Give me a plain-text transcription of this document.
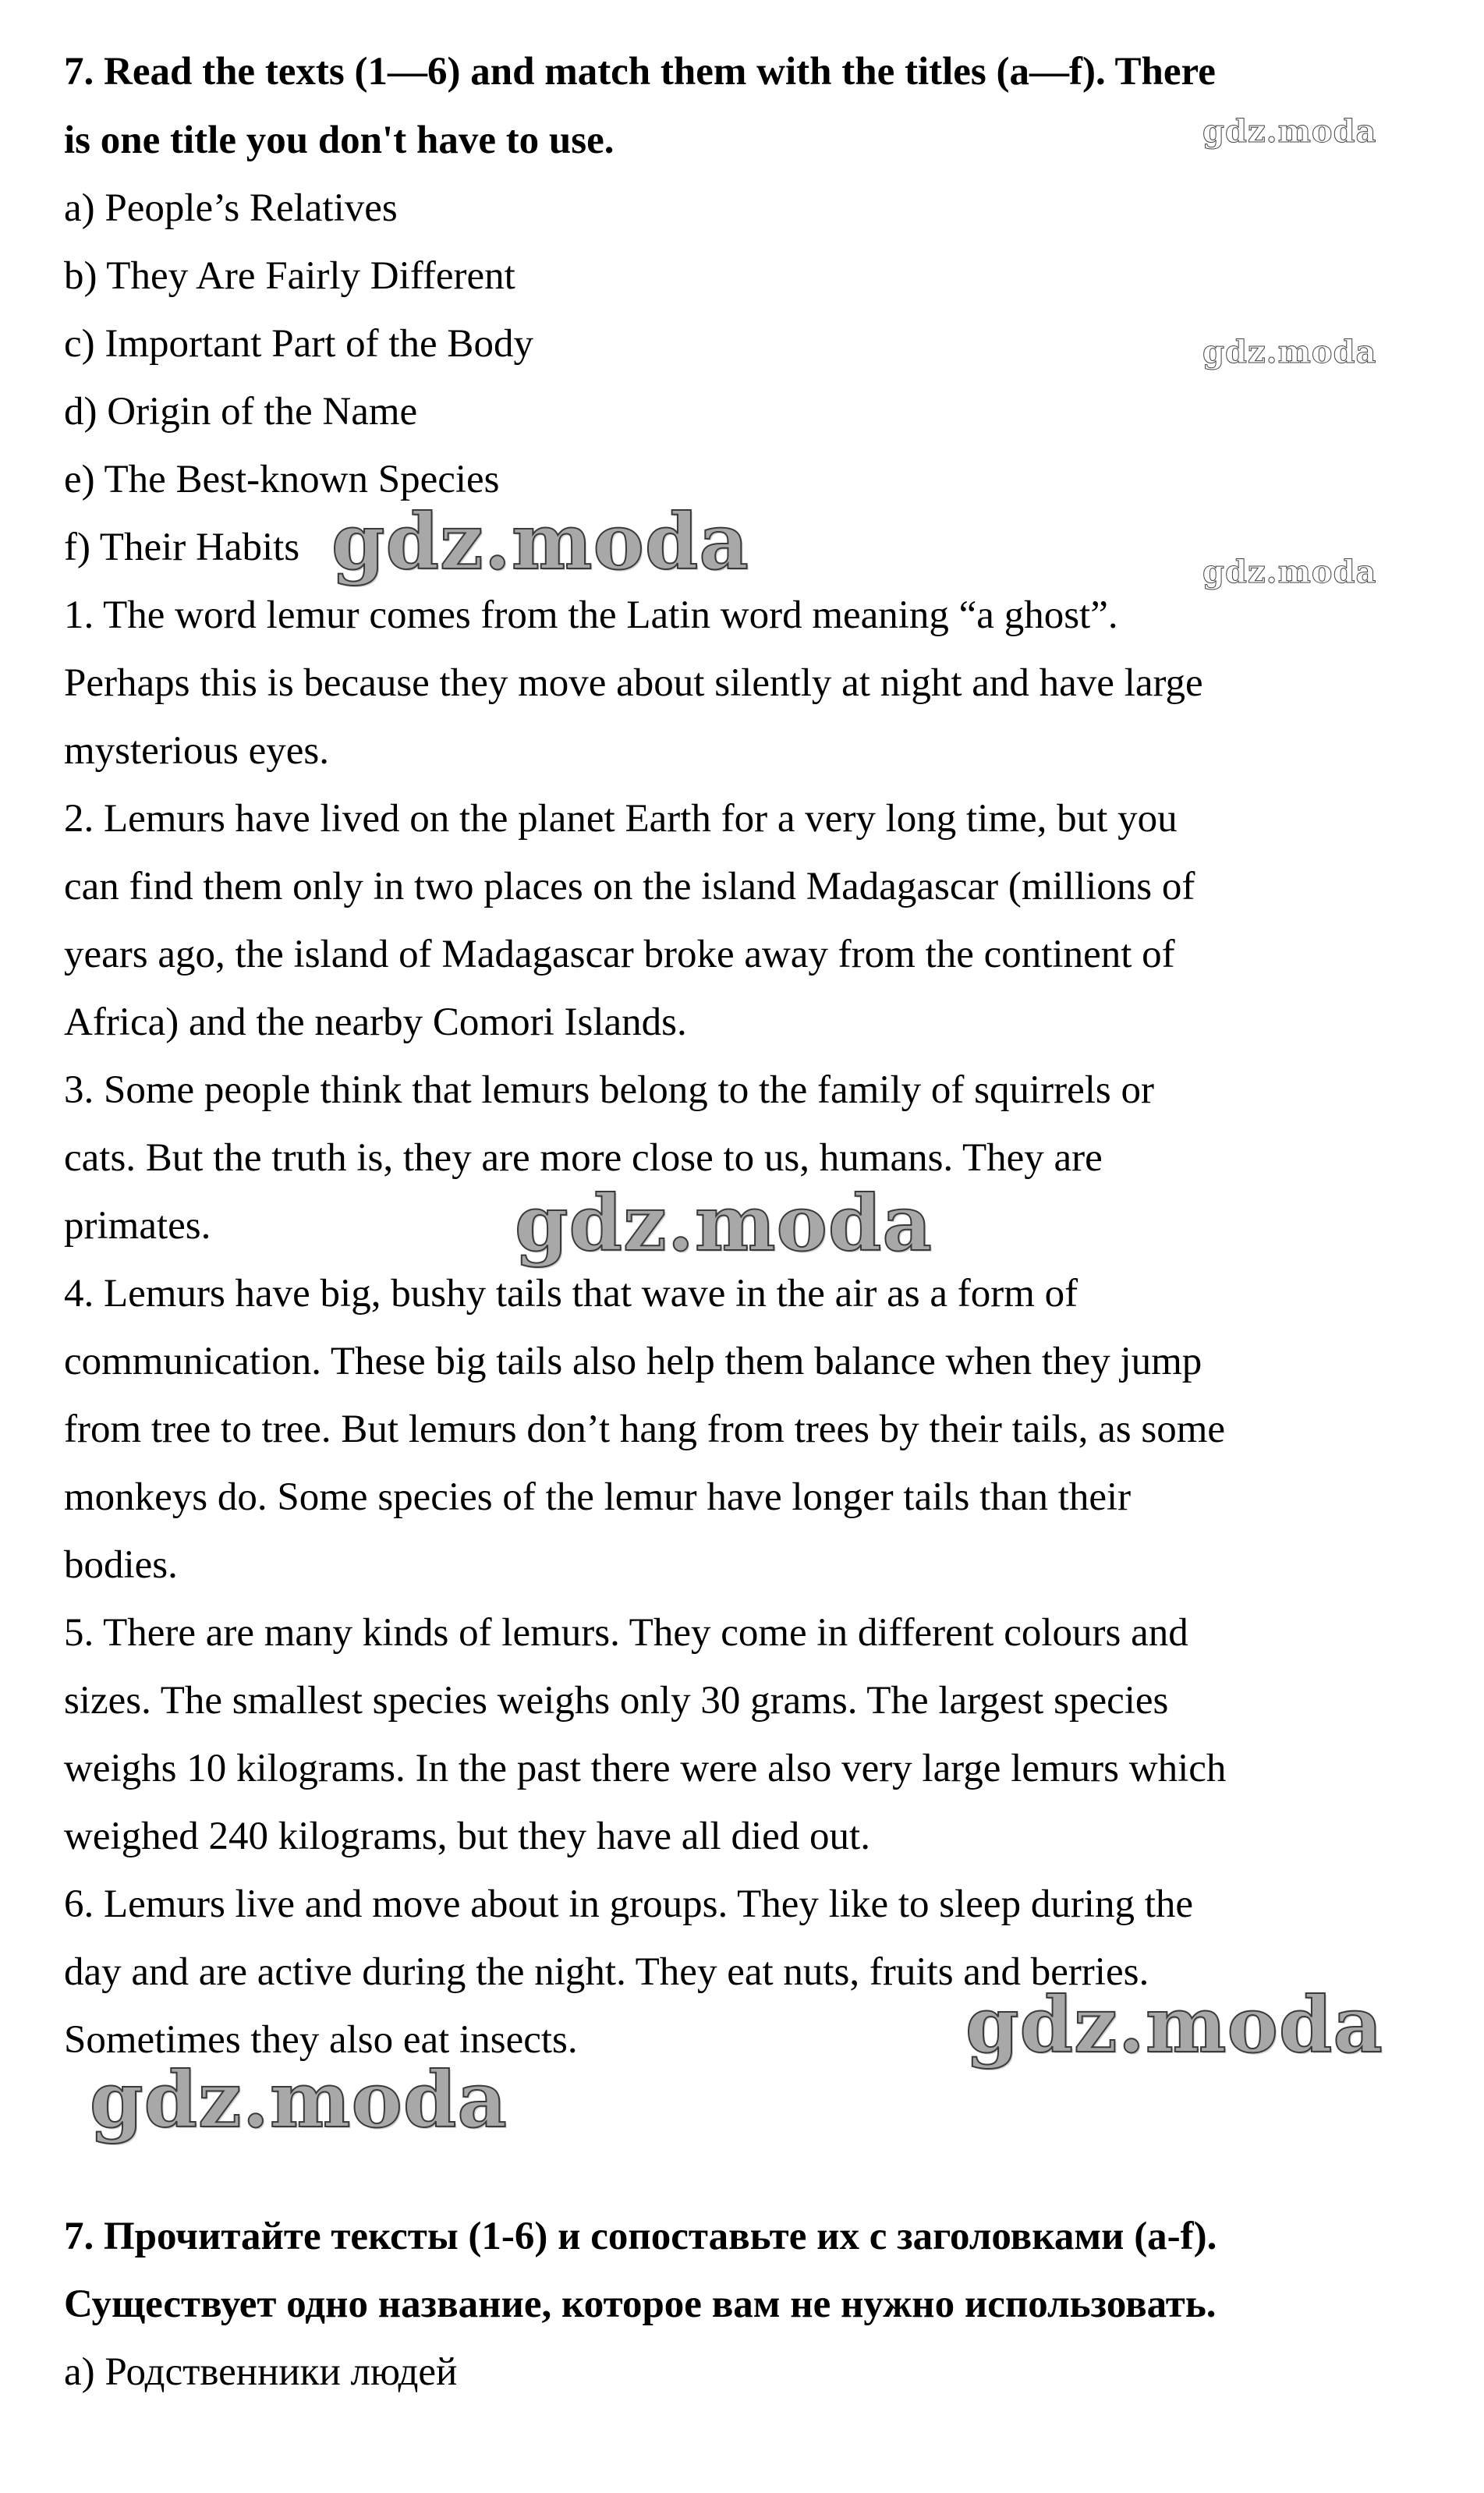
7. Read the texts (1—6) and match them with the titles (a—f). There
is one title you don't have to use.
a) People’s Relatives
b) They Are Fairly Different
c) Important Part of the Body
d) Origin of the Name
e) The Best-known Species
f) Their Habits
1. The word lemur comes from the Latin word meaning “a ghost”.
Perhaps this is because they move about silently at night and have large
mysterious eyes.
2. Lemurs have lived on the planet Earth for a very long time, but you
can find them only in two places on the island Madagascar (millions of
years ago, the island of Madagascar broke away from the continent of
Africa) and the nearby Comori Islands.
3. Some people think that lemurs belong to the family of squirrels or
cats. But the truth is, they are more close to us, humans. They are
primates.
4. Lemurs have big, bushy tails that wave in the air as a form of
communication. These big tails also help them balance when they jump
from tree to tree. But lemurs don’t hang from trees by their tails, as some
monkeys do. Some species of the lemur have longer tails than their
bodies.
5. There are many kinds of lemurs. They come in different colours and
sizes. The smallest species weighs only 30 grams. The largest species
weighs 10 kilograms. In the past there were also very large lemurs which
weighed 240 kilograms, but they have all died out.
6. Lemurs live and move about in groups. They like to sleep during the
day and are active during the night. They eat nuts, fruits and berries.
Sometimes they also eat insects.
7. Прочитайте тексты (1-6) и сопоставьте их с заголовками (a-f).
Существует одно название, которое вам не нужно использовать.
a) Родственники людей
gdz.moda
gdz.moda
gdz.moda
gdz.moda
gdz.moda
gdz.moda
gdz.moda
